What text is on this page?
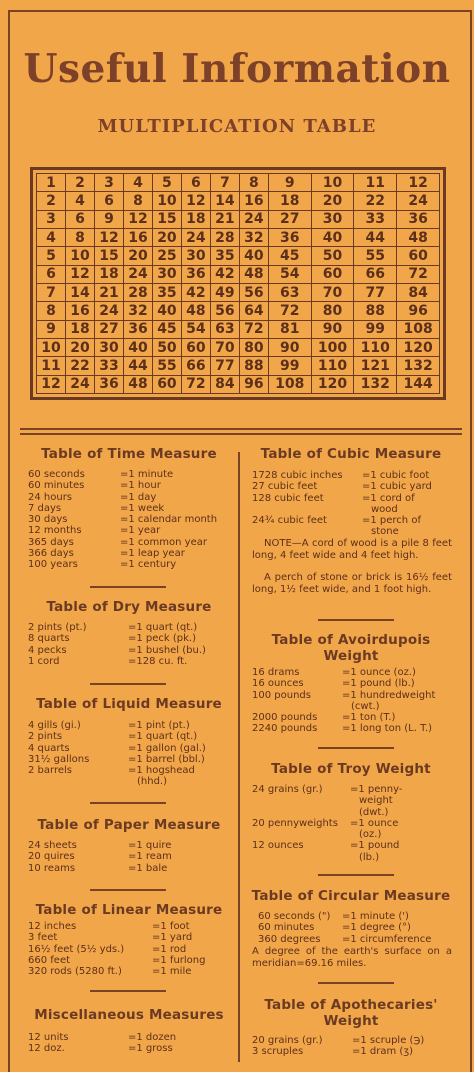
Useful Information
MULTIPLICATION TABLE
1	2	3	4	5	6	7	8	9	10	11	12
2	4	6	8	10	12	14	16	18	20	22	24
3	6	9	12	15	18	21	24	27	30	33	36
4	8	12	16	20	24	28	32	36	40	44	48
5	10	15	20	25	30	35	40	45	50	55	60
6	12	18	24	30	36	42	48	54	60	66	72
7	14	21	28	35	42	49	56	63	70	77	84
8	16	24	32	40	48	56	64	72	80	88	96
9	18	27	36	45	54	63	72	81	90	99	108
10	20	30	40	50	60	70	80	90	100	110	120
11	22	33	44	55	66	77	88	99	110	121	132
12	24	36	48	60	72	84	96	108	120	132	144
Table of Time Measure
60 seconds	=1 minute
60 minutes	=1 hour
24 hours	=1 day
7 days	=1 week
30 days	=1 calendar month
12 months	=1 year
365 days	=1 common year
366 days	=1 leap year
100 years	=1 century
Table of Dry Measure
2 pints (pt.)	=1 quart (qt.)
8 quarts	=1 peck (pk.)
4 pecks	=1 bushel (bu.)
1 cord	=128 cu. ft.
Table of Liquid Measure
4 gills (gi.)	=1 pint (pt.)
2 pints	=1 quart (qt.)
4 quarts	=1 gallon (gal.)
31½ gallons	=1 barrel (bbl.)
2 barrels	=1 hogshead
(hhd.)
Table of Paper Measure
24 sheets	=1 quire
20 quires	=1 ream
10 reams	=1 bale
Table of Linear Measure
12 inches	=1 foot
3 feet	=1 yard
16½ feet (5½ yds.)	=1 rod
660 feet	=1 furlong
320 rods (5280 ft.)	=1 mile
Miscellaneous Measures
12 units	=1 dozen
12 doz.	=1 gross
Table of Cubic Measure
1728 cubic inches =1 cubic foot
27 cubic feet	=1 cubic yard
128 cubic feet	=1 cord of
wood
24¾ cubic feet	=1 perch of
stone
NOTE—A cord of wood is a pile 8 feet long, 4 feet wide and 4 feet high.
A perch of stone or brick is 16½ feet long, 1½ feet wide, and 1 foot high.
Table of Avoirdupois
Weight
16 drams	=1 ounce (oz.)
16 ounces	=1 pound (lb.)
100 pounds	=1 hundredweight
(cwt.)
2000 pounds =1 ton (T.)
2240 pounds =1 long ton (L. T.)
Table of Troy Weight
24 grains (gr.)	=1 penny-
weight
(dwt.)
20 pennyweights =1 ounce
(oz.)
12 ounces	=1 pound
(lb.)
Table of Circular Measure
60 seconds (") =1 minute (')
60 minutes	=1 degree (°)
360 degrees =1 circumference
A degree of the earth's surface on a meridian=69.16 miles.
Table of Apothecaries'
Weight
20 grains (gr.)	=1 scruple (℈)
3 scruples	=1 dram (ʒ)
